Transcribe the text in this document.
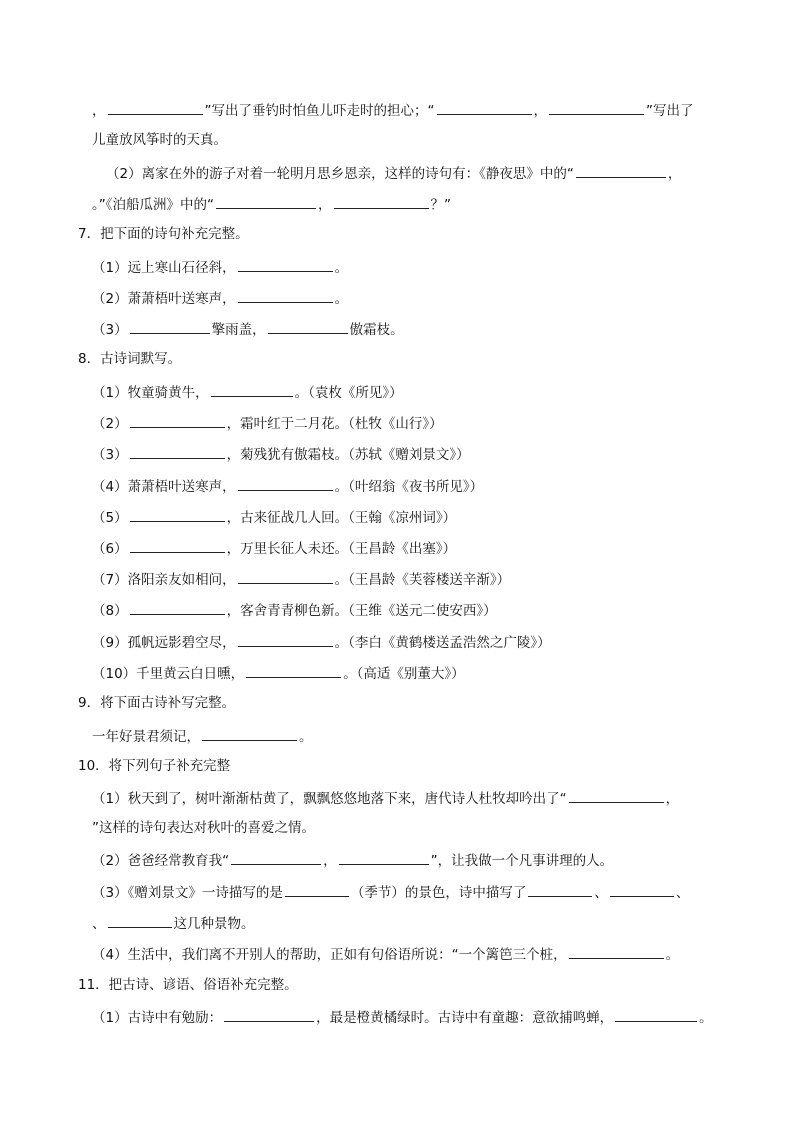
，	”写出了垂钓时怕鱼儿吓走时的担心；“	，	”写出了
儿童放风筝时的天真。
（2）离家在外的游子对着一轮明月思乡恩亲，这样的诗句有：《静夜思》中的“	，
。”《泊船瓜洲》中的“	，	？”
7．把下面的诗句补充完整。
（1）远上寒山石径斜，	。
（2）萧萧梧叶送寒声，	。
（3）	擎雨盖，	傲霜枝。
8．古诗词默写。
（1）牧童骑黄牛，	。（袁枚《所见》）
（2）	，霜叶红于二月花。（杜牧《山行》）
（3）	，菊残犹有傲霜枝。（苏轼《赠刘景文》）
（4）萧萧梧叶送寒声，	。（叶绍翁《夜书所见》）
（5）	，古来征战几人回。（王翰《凉州词》）
（6）	，万里长征人未还。（王昌龄《出塞》）
（7）洛阳亲友如相问，	。（王昌龄《芙蓉楼送辛渐》）
（8）	，客舍青青柳色新。（王维《送元二使安西》）
（9）孤帆远影碧空尽，	。（李白《黄鹤楼送孟浩然之广陵》）
（10）千里黄云白日曛，	。（高适《别董大》）
9．将下面古诗补写完整。
一年好景君须记，	。
10．将下列句子补充完整
（1）秋天到了，树叶渐渐枯黄了，飘飘悠悠地落下来，唐代诗人杜牧却吟出了“	，
”这样的诗句表达对秋叶的喜爱之情。
（2）爸爸经常教育我“	，	”，让我做一个凡事讲理的人。
（3）《赠刘景文》一诗描写的是	（季节）的景色，诗中描写了	、	、
、	这几种景物。
（4）生活中，我们离不开别人的帮助，正如有句俗语所说：“一个篱笆三个桩，	。
11．把古诗、谚语、俗语补充完整。
（1）古诗中有勉励：	，最是橙黄橘绿时。古诗中有童趣：意欲捕鸣蝉，	。
